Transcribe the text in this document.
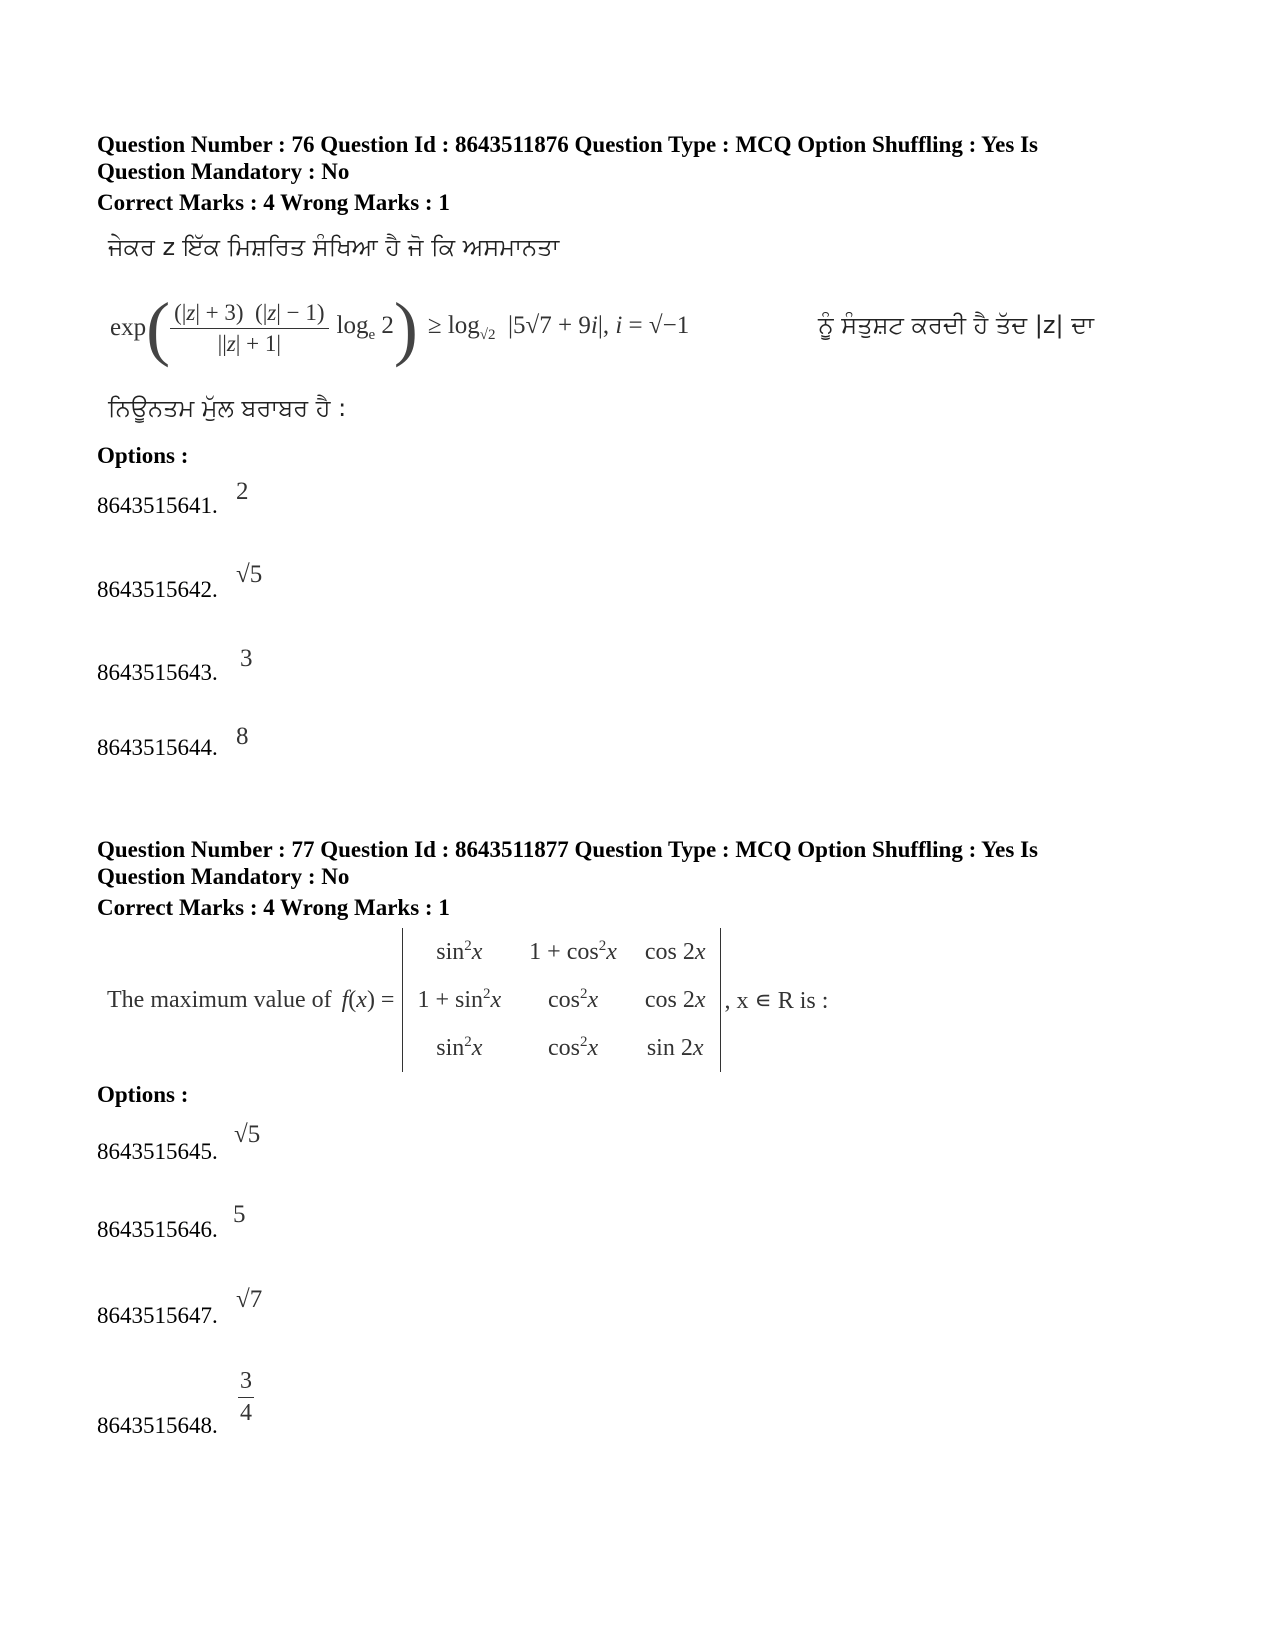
Question Number : 76 Question Id : 8643511876 Question Type : MCQ Option Shuffling : Yes Is
Question Mandatory : No
Correct Marks : 4 Wrong Marks : 1
ਜੇਕਰ z ਇੱਕ ਮਿਸ਼ਰਿਤ ਸੰਖਿਆ ਹੈ ਜੋ ਕਿ ਅਸਮਾਨਤਾ
exp ( $\frac{(|z| + 3) (|z| - 1)}{||z| + 1|} \log_e 2$ ) ≥ $\log_{√2} |5√7 + 9i|$, i = √−1	ਨੂੰ ਸੰਤੁਸ਼ਟ ਕਰਦੀ ਹੈ ਤੱਦ |z| ਦਾ
ਨਿਊਨਤਮ ਮੁੱਲ ਬਰਾਬਰ ਹੈ :
Options :
8643515641.
2
8643515642.
√5
8643515643.
3
8643515644. 8
Question Number : 77 Question Id : 8643511877 Question Type : MCQ Option Shuffling : Yes Is
Question Mandatory : No
Correct Marks : 4 Wrong Marks : 1
The maximum value of f(x) =
$\sin^2x$	$1 + \cos^2x$	cos 2x
$1 + \sin^2x$	$\cos^2x$	cos 2x
$\sin^2x$	$\cos^2x$	sin 2x
, x ∊ R is :
Options :
8643515645.
√5
8643515646.
5
8643515647.
√7
8643515648. $\frac{3}{4}$
